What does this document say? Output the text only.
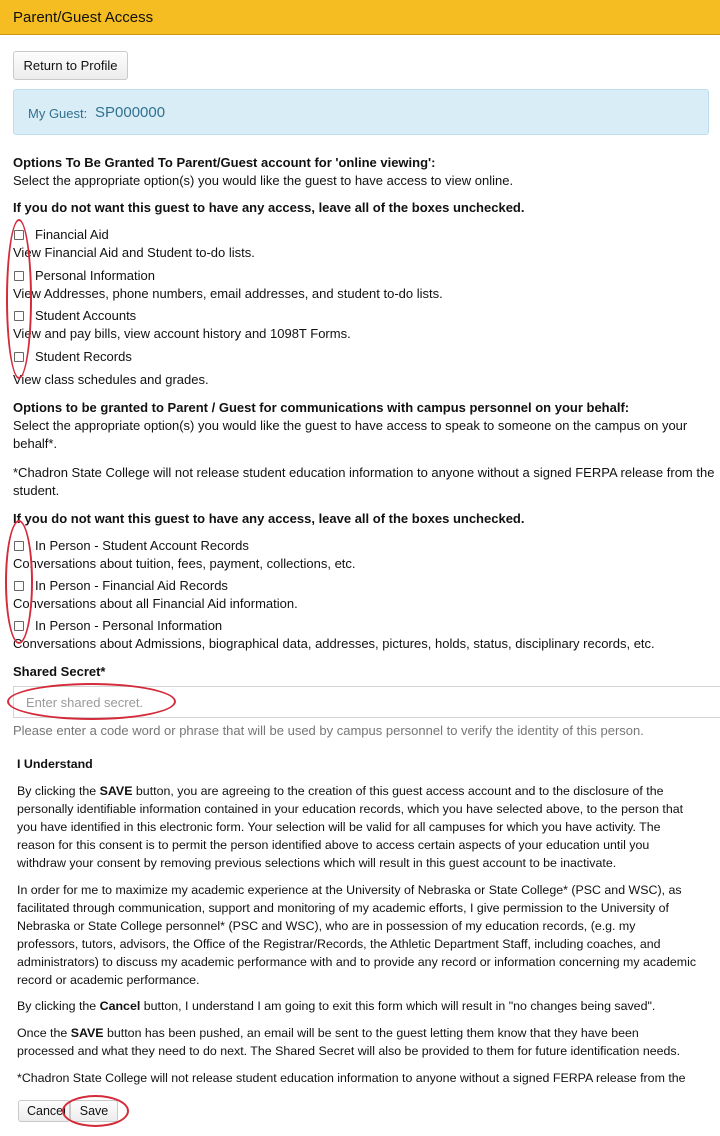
Parent/Guest Access
Return to Profile
My Guest: SP000000
Options To Be Granted To Parent/Guest account for 'online viewing':
Select the appropriate option(s) you would like the guest to have access to view online.
If you do not want this guest to have any access, leave all of the boxes unchecked.
Financial Aid
View Financial Aid and Student to-do lists.
Personal Information
View Addresses, phone numbers, email addresses, and student to-do lists.
Student Accounts
View and pay bills, view account history and 1098T Forms.
Student Records
View class schedules and grades.
Options to be granted to Parent / Guest for communications with campus personnel on your behalf:
Select the appropriate option(s) you would like the guest to have access to speak to someone on the campus on your
behalf*.
*Chadron State College will not release student education information to anyone without a signed FERPA release from the
student.
If you do not want this guest to have any access, leave all of the boxes unchecked.
In Person - Student Account Records
Conversations about tuition, fees, payment, collections, etc.
In Person - Financial Aid Records
Conversations about all Financial Aid information.
In Person - Personal Information
Conversations about Admissions, biographical data, addresses, pictures, holds, status, disciplinary records, etc.
Shared Secret*
Enter shared secret.
Please enter a code word or phrase that will be used by campus personnel to verify the identity of this person.
I Understand
By clicking the SAVE button, you are agreeing to the creation of this guest access account and to the disclosure of the
personally identifiable information contained in your education records, which you have selected above, to the person that
you have identified in this electronic form. Your selection will be valid for all campuses for which you have activity. The
reason for this consent is to permit the person identified above to access certain aspects of your education until you
withdraw your consent by removing previous selections which will result in this guest account to be inactivate.
In order for me to maximize my academic experience at the University of Nebraska or State College* (PSC and WSC), as
facilitated through communication, support and monitoring of my academic efforts, I give permission to the University of
Nebraska or State College personnel* (PSC and WSC), who are in possession of my education records, (e.g. my
professors, tutors, advisors, the Office of the Registrar/Records, the Athletic Department Staff, including coaches, and
administrators) to discuss my academic performance with and to provide any record or information concerning my academic
record or academic performance.
By clicking the Cancel button, I understand I am going to exit this form which will result in "no changes being saved".
Once the SAVE button has been pushed, an email will be sent to the guest letting them know that they have been
processed and what they need to do next. The Shared Secret will also be provided to them for future identification needs.
*Chadron State College will not release student education information to anyone without a signed FERPA release from the
Cancel	Save
